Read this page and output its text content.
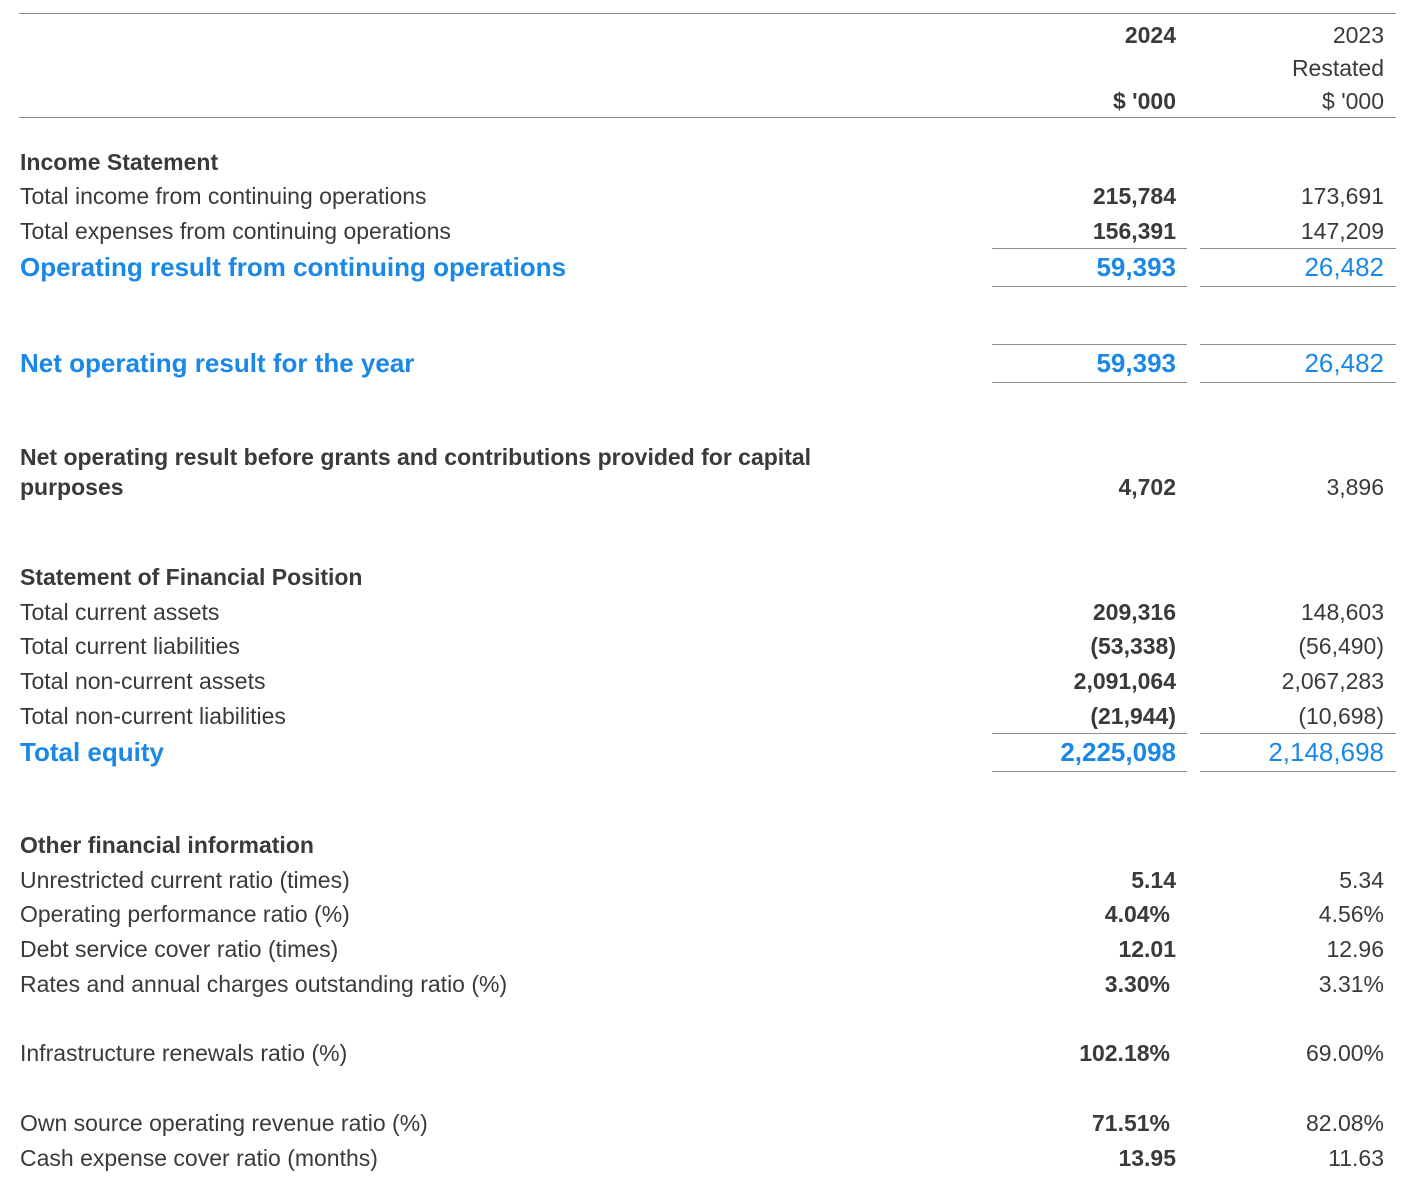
2024	2023
Restated
$ '000	$ '000
Income Statement
Total income from continuing operations	215,784	173,691
Total expenses from continuing operations	156,391	147,209
Operating result from continuing operations	59,393	26,482
Net operating result for the year	59,393	26,482
Net operating result before grants and contributions provided for capital
purposes	4,702	3,896
Statement of Financial Position
Total current assets	209,316	148,603
Total current liabilities	(53,338)	(56,490)
Total non-current assets	2,091,064	2,067,283
Total non-current liabilities	(21,944)	(10,698)
Total equity	2,225,098	2,148,698
Other financial information
Unrestricted current ratio (times)	5.14	5.34
Operating performance ratio (%)	4.04%	4.56%
Debt service cover ratio (times)	12.01	12.96
Rates and annual charges outstanding ratio (%)	3.30%	3.31%
Infrastructure renewals ratio (%)	102.18%	69.00%
Own source operating revenue ratio (%)	71.51%	82.08%
Cash expense cover ratio (months)	13.95	11.63
